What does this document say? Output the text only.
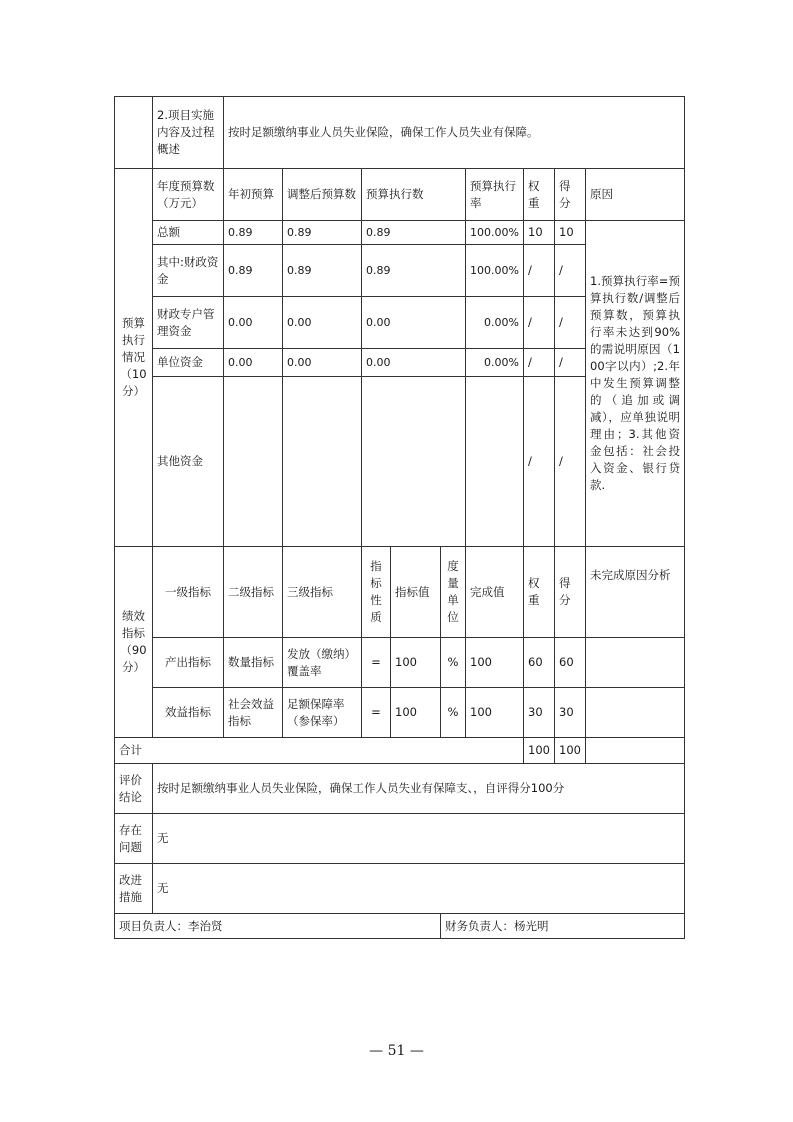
	2.项目实施内容及过程概述	按时足额缴纳事业人员失业保险，确保工作人员失业有保障。								
预算执行情况（10分）	年度预算数（万元）	年初预算	调整后预算数	预算执行数			预算执行率	权重	得分	原因
	总额	0.89	0.89	0.89			100.00%	10	10	1.预算执行率=预算执行数/调整后预算数，预算执行率未达到90%的需说明原因（100字以内）;2.年中发生预算调整的（追加或调减），应单独说明理由；3.其他资金包括：社会投入资金、银行贷款.
	其中:财政资金	0.89	0.89	0.89			100.00%	/	/	
	财政专户管理资金	0.00	0.00	0.00			0.00%	/	/	
	单位资金	0.00	0.00	0.00			0.00%	/	/	
	其他资金							/	/	
绩效指标（90分）	一级指标	二级指标	三级指标	指标性质	指标值	度量单位	完成值	权重	得分	未完成原因分析
	产出指标	数量指标	发放（缴纳）覆盖率	=	100	%	100	60	60	
	效益指标	社会效益指标	足额保障率（参保率）	=	100	%	100	30	30	
合计								100	100	
评价结论	按时足额缴纳事业人员失业保险，确保工作人员失业有保障支、，自评得分100分									
存在问题	无									
改进措施	无									
项目负责人：李治贤						财务负责人：杨光明				
— 51 —
